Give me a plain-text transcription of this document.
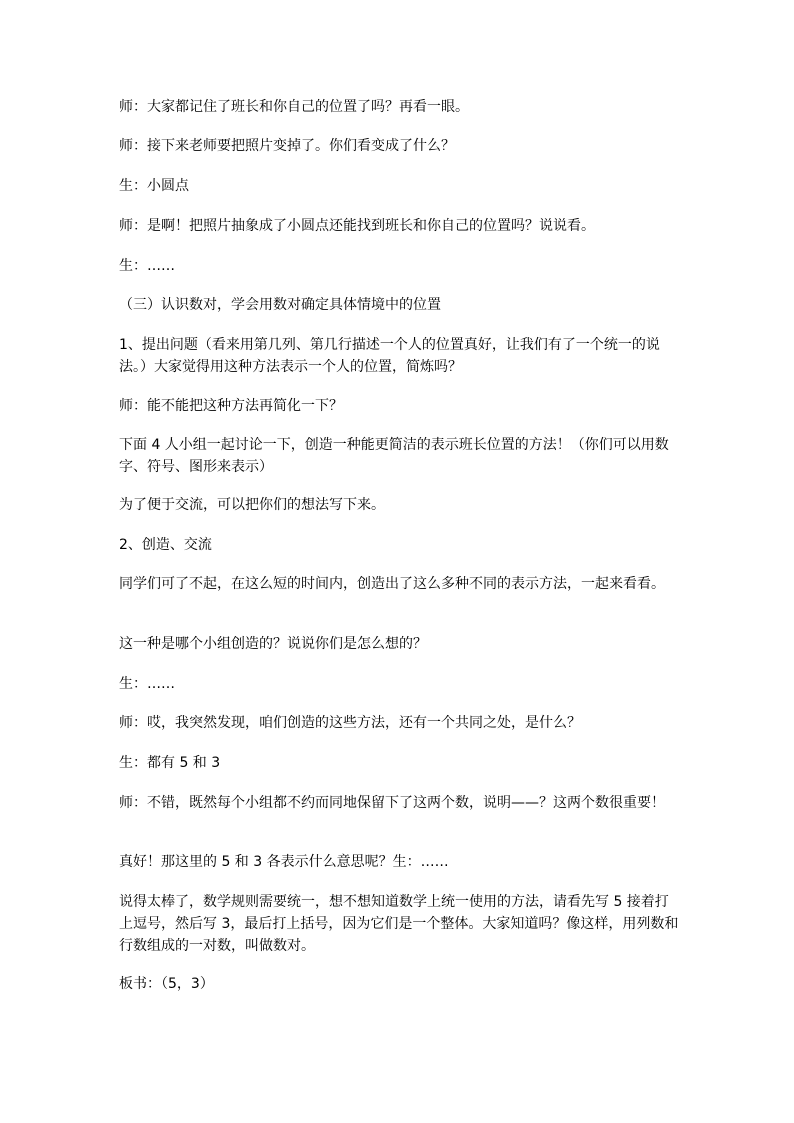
师：大家都记住了班长和你自己的位置了吗？再看一眼。

师：接下来老师要把照片变掉了。你们看变成了什么？

生：小圆点

师：是啊！把照片抽象成了小圆点还能找到班长和你自己的位置吗？说说看。

生：……

（三）认识数对，学会用数对确定具体情境中的位置

1、提出问题（看来用第几列、第几行描述一个人的位置真好，让我们有了一个统一的说法。）大家觉得用这种方法表示一个人的位置，简炼吗？

师：能不能把这种方法再简化一下？

下面 4 人小组一起讨论一下，创造一种能更简洁的表示班长位置的方法！（你们可以用数字、符号、图形来表示）

为了便于交流，可以把你们的想法写下来。

2、创造、交流

同学们可了不起，在这么短的时间内，创造出了这么多种不同的表示方法，一起来看看。

这一种是哪个小组创造的？说说你们是怎么想的？

生：……

师：哎，我突然发现，咱们创造的这些方法，还有一个共同之处，是什么？

生：都有 5 和 3

师：不错，既然每个小组都不约而同地保留下了这两个数，说明——？这两个数很重要！

真好！那这里的 5 和 3 各表示什么意思呢？生：……

说得太棒了，数学规则需要统一，想不想知道数学上统一使用的方法，请看先写 5 接着打上逗号，然后写 3，最后打上括号，因为它们是一个整体。大家知道吗？像这样，用列数和行数组成的一对数，叫做数对。

板书：（5，3）
